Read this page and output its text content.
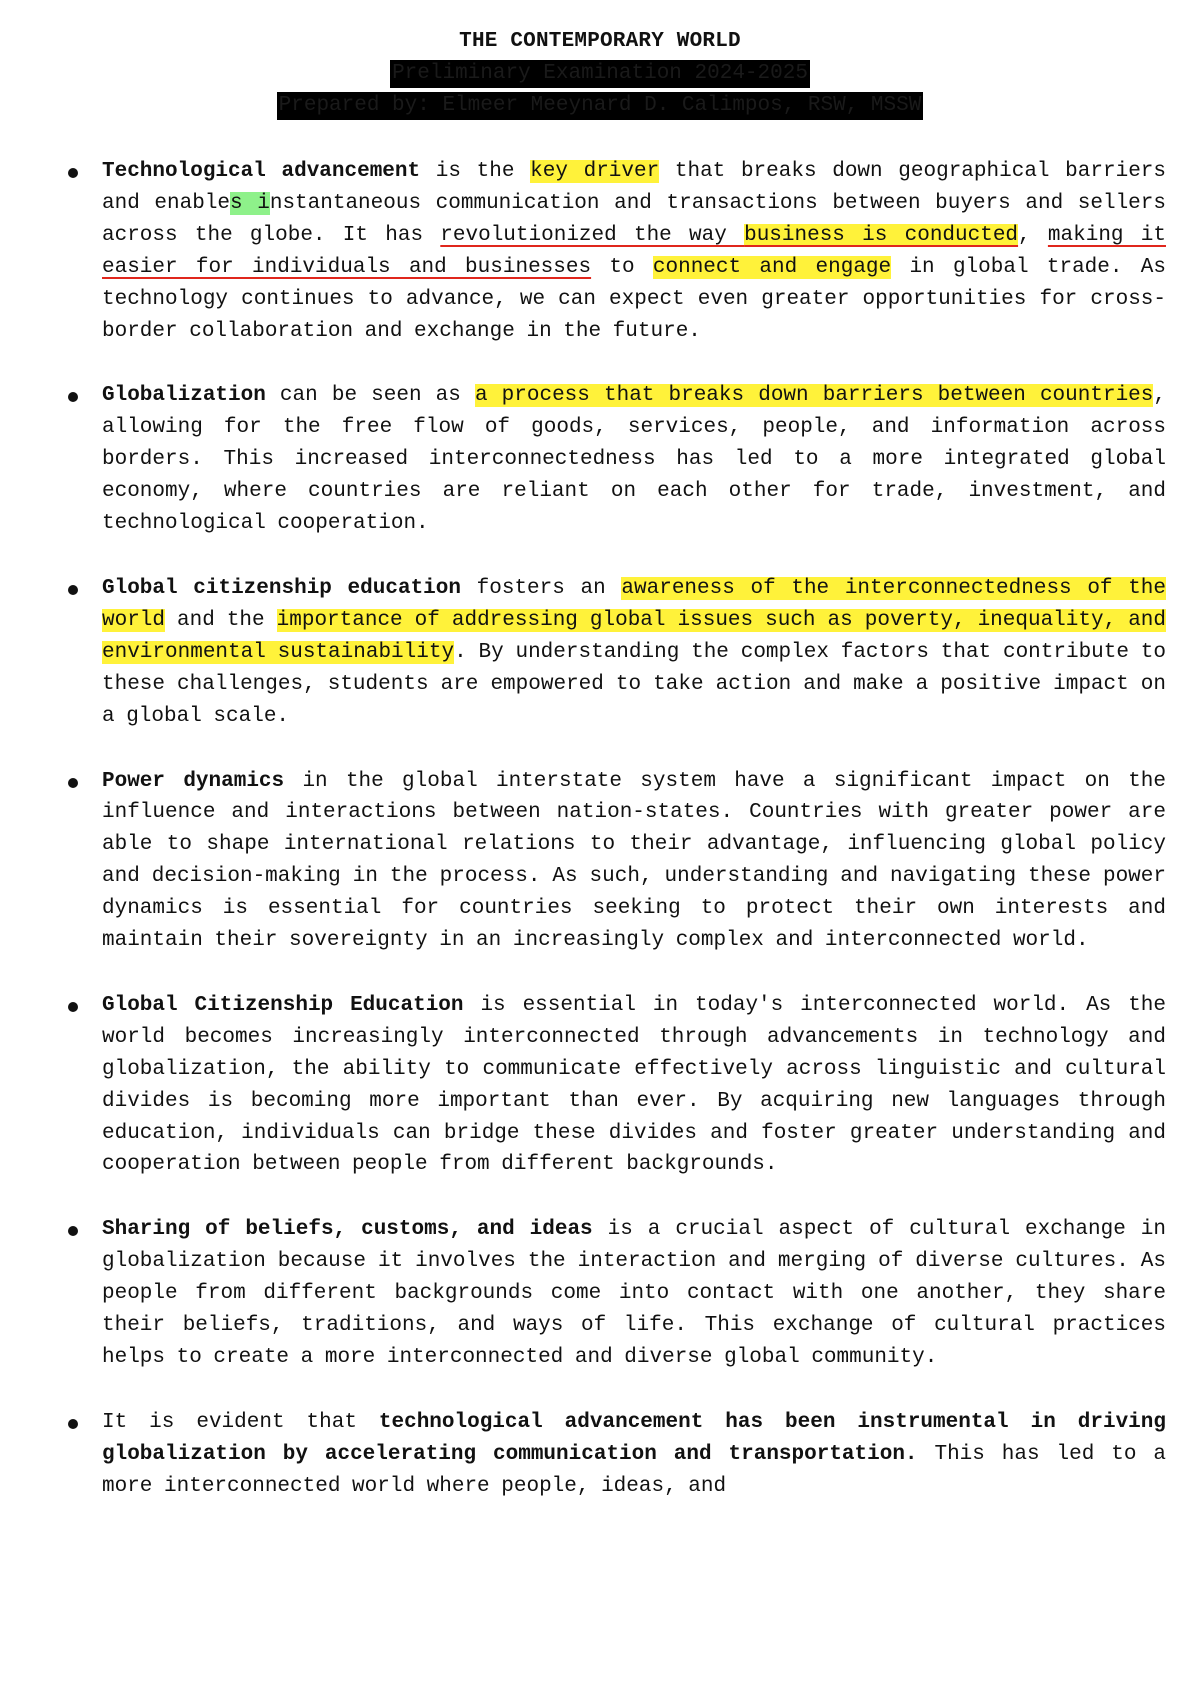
THE CONTEMPORARY WORLD
Preliminary Examination 2024-2025
Prepared by: Elmeer Meeynard D. Calimpos, RSW, MSSW
Technological advancement is the key driver that breaks down geographical barriers and enables instantaneous communication and transactions between buyers and sellers across the globe. It has revolutionized the way business is conducted, making it easier for individuals and businesses to connect and engage in global trade. As technology continues to advance, we can expect even greater opportunities for cross-border collaboration and exchange in the future.
Globalization can be seen as a process that breaks down barriers between countries, allowing for the free flow of goods, services, people, and information across borders. This increased interconnectedness has led to a more integrated global economy, where countries are reliant on each other for trade, investment, and technological cooperation.
Global citizenship education fosters an awareness of the interconnectedness of the world and the importance of addressing global issues such as poverty, inequality, and environmental sustainability. By understanding the complex factors that contribute to these challenges, students are empowered to take action and make a positive impact on a global scale.
Power dynamics in the global interstate system have a significant impact on the influence and interactions between nation-states. Countries with greater power are able to shape international relations to their advantage, influencing global policy and decision-making in the process. As such, understanding and navigating these power dynamics is essential for countries seeking to protect their own interests and maintain their sovereignty in an increasingly complex and interconnected world.
Global Citizenship Education is essential in today's interconnected world. As the world becomes increasingly interconnected through advancements in technology and globalization, the ability to communicate effectively across linguistic and cultural divides is becoming more important than ever. By acquiring new languages through education, individuals can bridge these divides and foster greater understanding and cooperation between people from different backgrounds.
Sharing of beliefs, customs, and ideas is a crucial aspect of cultural exchange in globalization because it involves the interaction and merging of diverse cultures. As people from different backgrounds come into contact with one another, they share their beliefs, traditions, and ways of life. This exchange of cultural practices helps to create a more interconnected and diverse global community.
It is evident that technological advancement has been instrumental in driving globalization by accelerating communication and transportation. This has led to a more interconnected world where people, ideas, and
